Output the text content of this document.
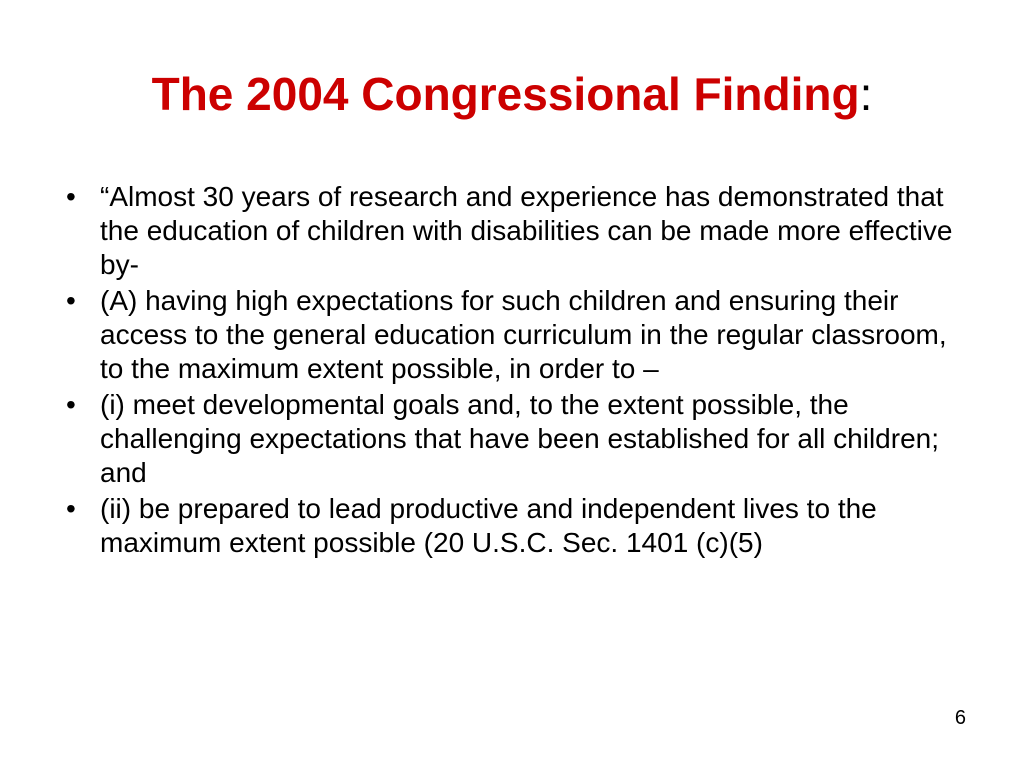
The 2004 Congressional Finding:
• “Almost 30 years of research and experience has demonstrated that the education of children with disabilities can be made more effective by-
• (A) having high expectations for such children and ensuring their access to the general education curriculum in the regular classroom, to the maximum extent possible, in order to –
• (i) meet developmental goals and, to the extent possible, the challenging expectations that have been established for all children; and
• (ii) be prepared to lead productive and independent lives to the maximum extent possible (20 U.S.C. Sec. 1401 (c)(5)
6
